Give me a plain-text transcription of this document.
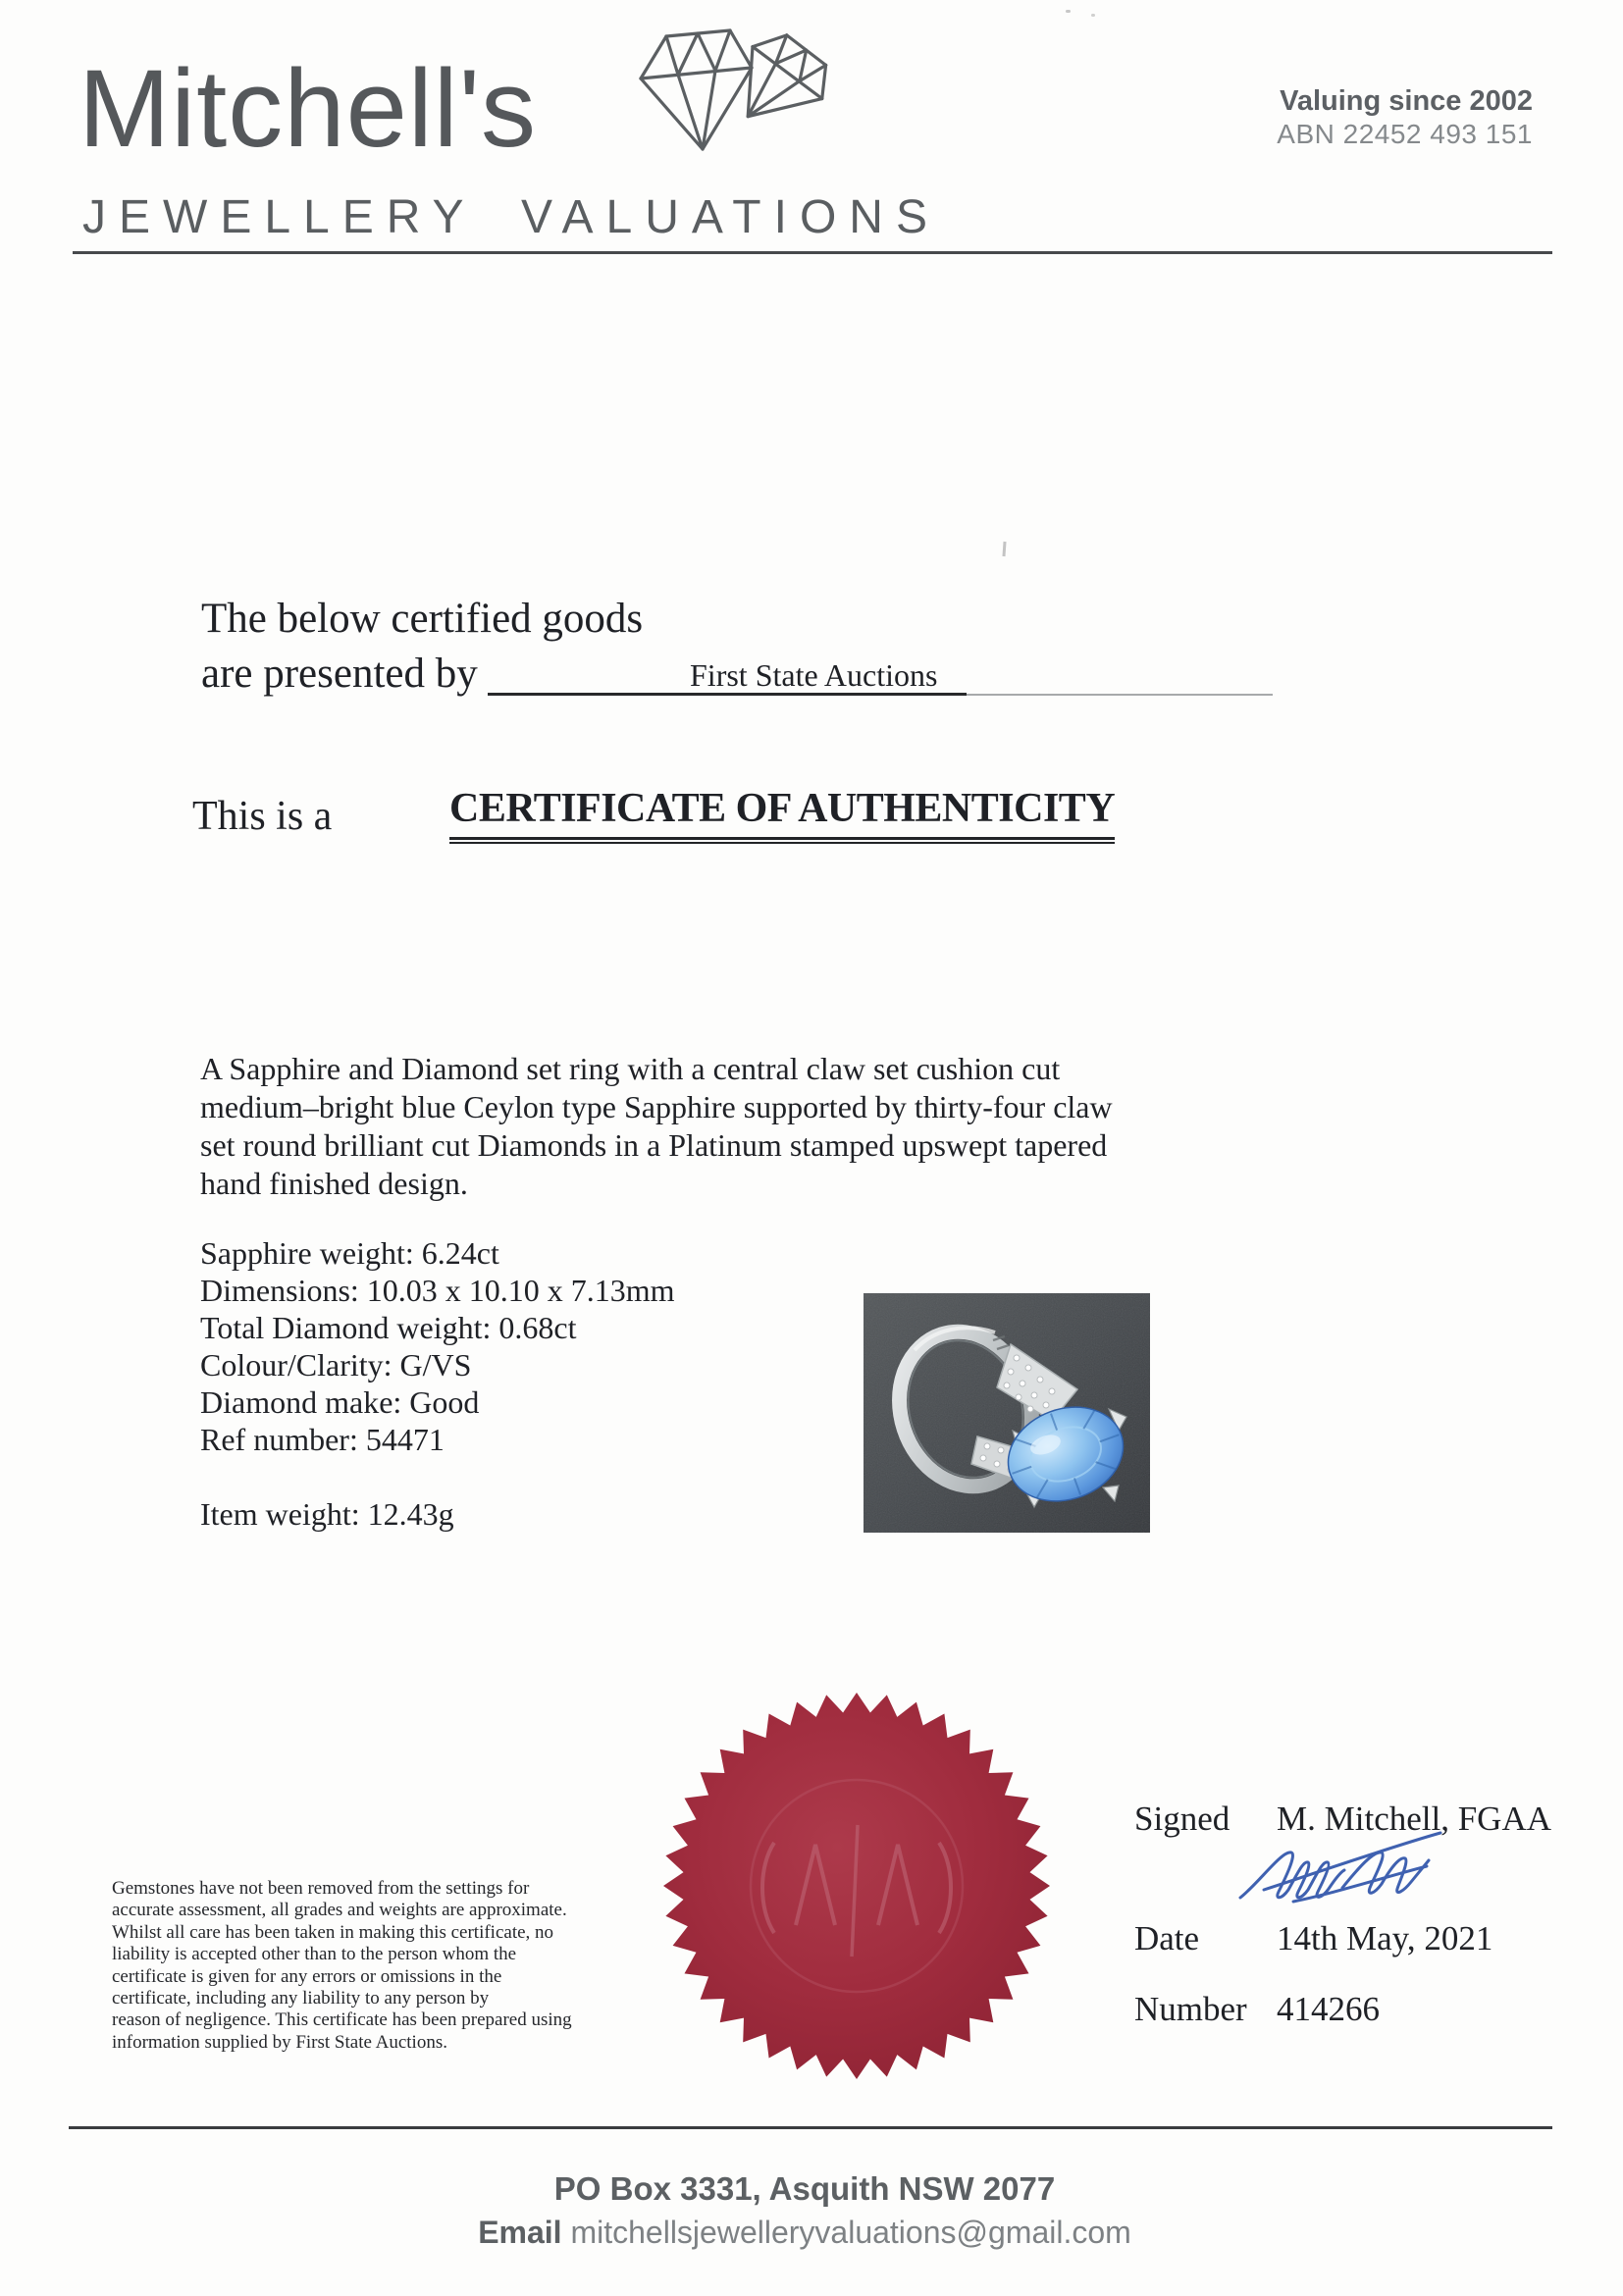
Mitchell's
JEWELLERY VALUATIONS
Valuing since 2002
ABN 22452 493 151
The below certified goods
are presented by	First State Auctions
This is a	CERTIFICATE OF AUTHENTICITY
A Sapphire and Diamond set ring with a central claw set cushion cut
medium–bright blue Ceylon type Sapphire supported by thirty-four claw
set round brilliant cut Diamonds in a Platinum stamped upswept tapered
hand finished design.
Sapphire weight: 6.24ct
Dimensions: 10.03 x 10.10 x 7.13mm
Total Diamond weight: 0.68ct
Colour/Clarity: G/VS
Diamond make: Good
Ref number: 54471
Item weight: 12.43g
Gemstones have not been removed from the settings for
accurate assessment, all grades and weights are approximate.
Whilst all care has been taken in making this certificate, no
liability is accepted other than to the person whom the
certificate is given for any errors or omissions in the
certificate, including any liability to any person by
reason of negligence. This certificate has been prepared using
information supplied by First State Auctions.
Signed M. Mitchell, FGAA
Date 14th May, 2021
Number 414266
PO Box 3331, Asquith NSW 2077
Email mitchellsjewelleryvaluations@gmail.com
